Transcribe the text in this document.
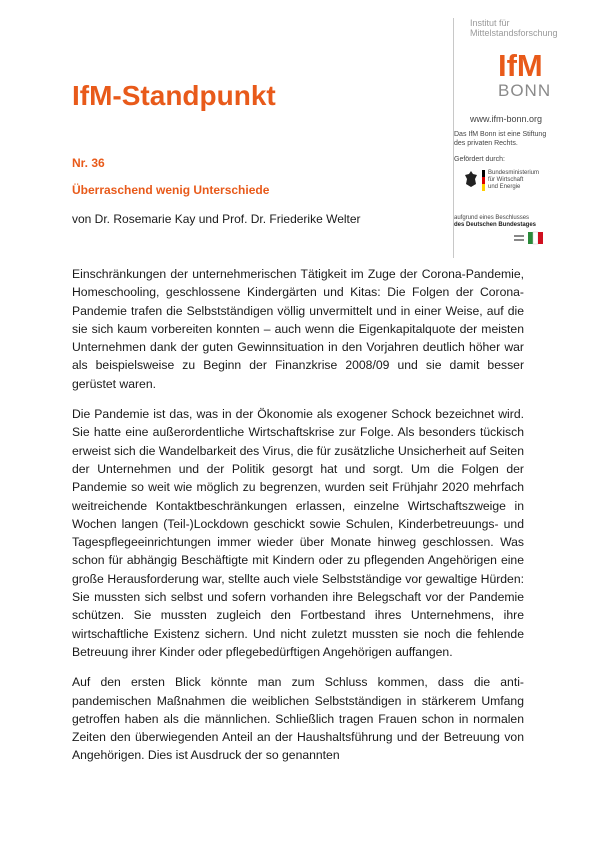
Institut für
Mittelstandsforschung
IfM
BONN
www.ifm-bonn.org
Das IfM Bonn ist eine Stiftung
des privaten Rechts.
Gefördert durch:
Bundesministerium
für Wirtschaft
und Energie
aufgrund eines Beschlusses
des Deutschen Bundestages
IfM-Standpunkt
Nr. 36
Überraschend wenig Unterschiede
von Dr. Rosemarie Kay und Prof. Dr. Friederike Welter

Einschränkungen der unternehmerischen Tätigkeit im Zuge der Corona-Pandemie, Homeschooling, geschlossene Kindergärten und Kitas: Die Folgen der Corona-Pandemie trafen die Selbstständigen völlig unvermittelt und in einer Weise, auf die sie sich kaum vorbereiten konnten – auch wenn die Eigenkapitalquote der meisten Unternehmen dank der guten Gewinnsituation in den Vorjahren deutlich höher war als beispielsweise zu Beginn der Finanzkrise 2008/09 und sie damit besser gerüstet waren.

Die Pandemie ist das, was in der Ökonomie als exogener Schock bezeichnet wird. Sie hatte eine außerordentliche Wirtschaftskrise zur Folge. Als besonders tückisch erweist sich die Wandelbarkeit des Virus, die für zusätzliche Unsicherheit auf Seiten der Unternehmen und der Politik gesorgt hat und sorgt. Um die Folgen der Pandemie so weit wie möglich zu begrenzen, wurden seit Frühjahr 2020 mehrfach weitreichende Kontaktbeschränkungen erlassen, einzelne Wirtschaftszweige in Wochen langen (Teil-)Lockdown geschickt sowie Schulen, Kinderbetreuungs- und Tagespflegeeinrichtungen immer wieder über Monate hinweg geschlossen. Was schon für abhängig Beschäftigte mit Kindern oder zu pflegenden Angehörigen eine große Herausforderung war, stellte auch viele Selbstständige vor gewaltige Hürden: Sie mussten sich selbst und sofern vorhanden ihre Belegschaft vor der Pandemie schützen. Sie mussten zugleich den Fortbestand ihres Unternehmens, ihre wirtschaftliche Existenz sichern. Und nicht zuletzt mussten sie noch die fehlende Betreuung ihrer Kinder oder pflegebedürftigen Angehörigen auffangen.

Auf den ersten Blick könnte man zum Schluss kommen, dass die anti-pandemischen Maßnahmen die weiblichen Selbstständigen in stärkerem Umfang getroffen haben als die männlichen. Schließlich tragen Frauen schon in normalen Zeiten den überwiegenden Anteil an der Haushaltsführung und der Betreuung von Angehörigen. Dies ist Ausdruck der so genannten
